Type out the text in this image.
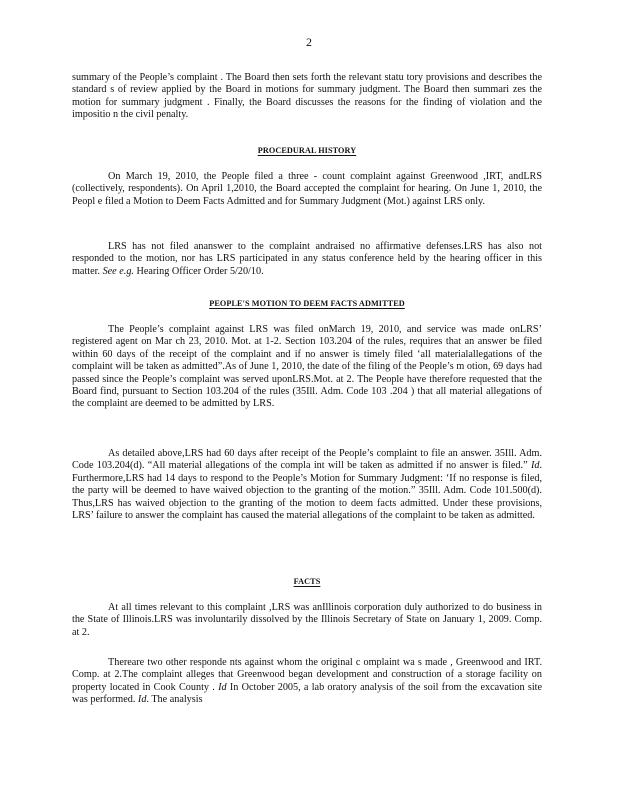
2

summary of the People’s complaint . The Board then sets forth the relevant statu tory provisions and describes the standard s of review applied by the Board in motions for summary judgment. The Board then summari zes the motion for summary judgment . Finally, the Board discusses the reasons for the finding of violation and the impositio n the civil penalty.

PROCEDURAL HISTORY

On March 19, 2010, the People filed a three - count complaint against Greenwood ,IRT, andLRS (collectively, respondents). On April 1,2010, the Board accepted the complaint for hearing. On June 1, 2010, the Peopl e filed a Motion to Deem Facts Admitted and for Summary Judgment (Mot.) against LRS only.

LRS has not filed ananswer to the complaint andraised no affirmative defenses.LRS has also not responded to the motion, nor has LRS participated in any status conference held by the hearing officer in this matter. See e.g. Hearing Officer Order 5/20/10.

PEOPLE'S MOTION TO DEEM FACTS ADMITTED

The People’s complaint against LRS was filed onMarch 19, 2010, and service was made onLRS’ registered agent on Mar ch 23, 2010. Mot. at 1-2. Section 103.204 of the rules, requires that an answer be filed within 60 days of the receipt of the complaint and if no answer is timely filed ‘all materialallegations of the complaint will be taken as admitted”.As of June 1, 2010, the date of the filing of the People’s m otion, 69 days had passed since the People’s complaint was served uponLRS.Mot. at 2. The People have therefore requested that the Board find, pursuant to Section 103.204 of the rules (35Ill. Adm. Code 103 .204 ) that all material allegations of the complaint are deemed to be admitted by LRS.

As detailed above,LRS had 60 days after receipt of the People’s complaint to file an answer. 35Ill. Adm. Code 103.204(d). “All material allegations of the compla int will be taken as admitted if no answer is filed.” Id. Furthermore,LRS had 14 days to respond to the People’s Motion for Summary Judgment: ‘If no response is filed, the party will be deemed to have waived objection to the granting of the motion.” 35Ill. Adm. Code 101.500(d). Thus,LRS has waived objection to the granting of the motion to deem facts admitted. Under these provisions, LRS’ failure to answer the complaint has caused the material allegations of the complaint to be taken as admitted.

FACTS

At all times relevant to this complaint ,LRS was anIllinois corporation duly authorized to do business in the State of Illinois.LRS was involuntarily dissolved by the Illinois Secretary of State on January 1, 2009. Comp. at 2.

Thereare two other responde nts against whom the original c omplaint wa s made , Greenwood and IRT. Comp. at 2.The complaint alleges that Greenwood began development and construction of a storage facility on property located in Cook County . Id In October 2005, a lab oratory analysis of the soil from the excavation site was performed. Id. The analysis
